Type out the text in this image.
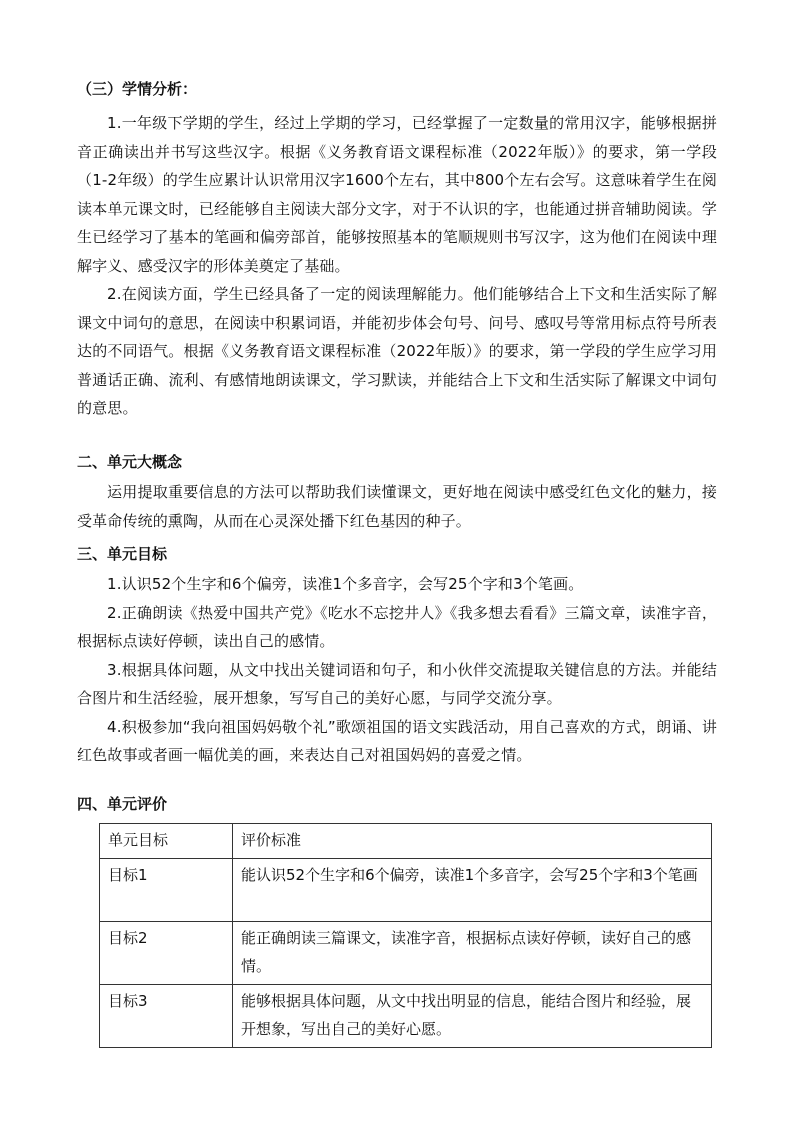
（三）学情分析：

1.一年级下学期的学生，经过上学期的学习，已经掌握了一定数量的常用汉字，能够根据拼音正确读出并书写这些汉字。根据《义务教育语文课程标准（2022年版）》的要求，第一学段（1-2年级）的学生应累计认识常用汉字1600个左右，其中800个左右会写。这意味着学生在阅读本单元课文时，已经能够自主阅读大部分文字，对于不认识的字，也能通过拼音辅助阅读。学生已经学习了基本的笔画和偏旁部首，能够按照基本的笔顺规则书写汉字，这为他们在阅读中理解字义、感受汉字的形体美奠定了基础。

2.在阅读方面，学生已经具备了一定的阅读理解能力。他们能够结合上下文和生活实际了解课文中词句的意思，在阅读中积累词语，并能初步体会句号、问号、感叹号等常用标点符号所表达的不同语气。根据《义务教育语文课程标准（2022年版）》的要求，第一学段的学生应学习用普通话正确、流利、有感情地朗读课文，学习默读，并能结合上下文和生活实际了解课文中词句的意思。

二、单元大概念

运用提取重要信息的方法可以帮助我们读懂课文，更好地在阅读中感受红色文化的魅力，接受革命传统的熏陶，从而在心灵深处播下红色基因的种子。

三、单元目标

1.认识52个生字和6个偏旁，读准1个多音字，会写25个字和3个笔画。

2.正确朗读《热爱中国共产党》《吃水不忘挖井人》《我多想去看看》三篇文章，读准字音，根据标点读好停顿，读出自己的感情。

3.根据具体问题，从文中找出关键词语和句子，和小伙伴交流提取关键信息的方法。并能结合图片和生活经验，展开想象，写写自己的美好心愿，与同学交流分享。

4.积极参加“我向祖国妈妈敬个礼”歌颂祖国的语文实践活动，用自己喜欢的方式，朗诵、讲红色故事或者画一幅优美的画，来表达自己对祖国妈妈的喜爱之情。

四、单元评价
单元目标	评价标准
目标1	能认识52个生字和6个偏旁，读准1个多音字，会写25个字和3个笔画
目标2	能正确朗读三篇课文，读准字音，根据标点读好停顿，读好自己的感情。
目标3	能够根据具体问题，从文中找出明显的信息，能结合图片和经验，展开想象，写出自己的美好心愿。
